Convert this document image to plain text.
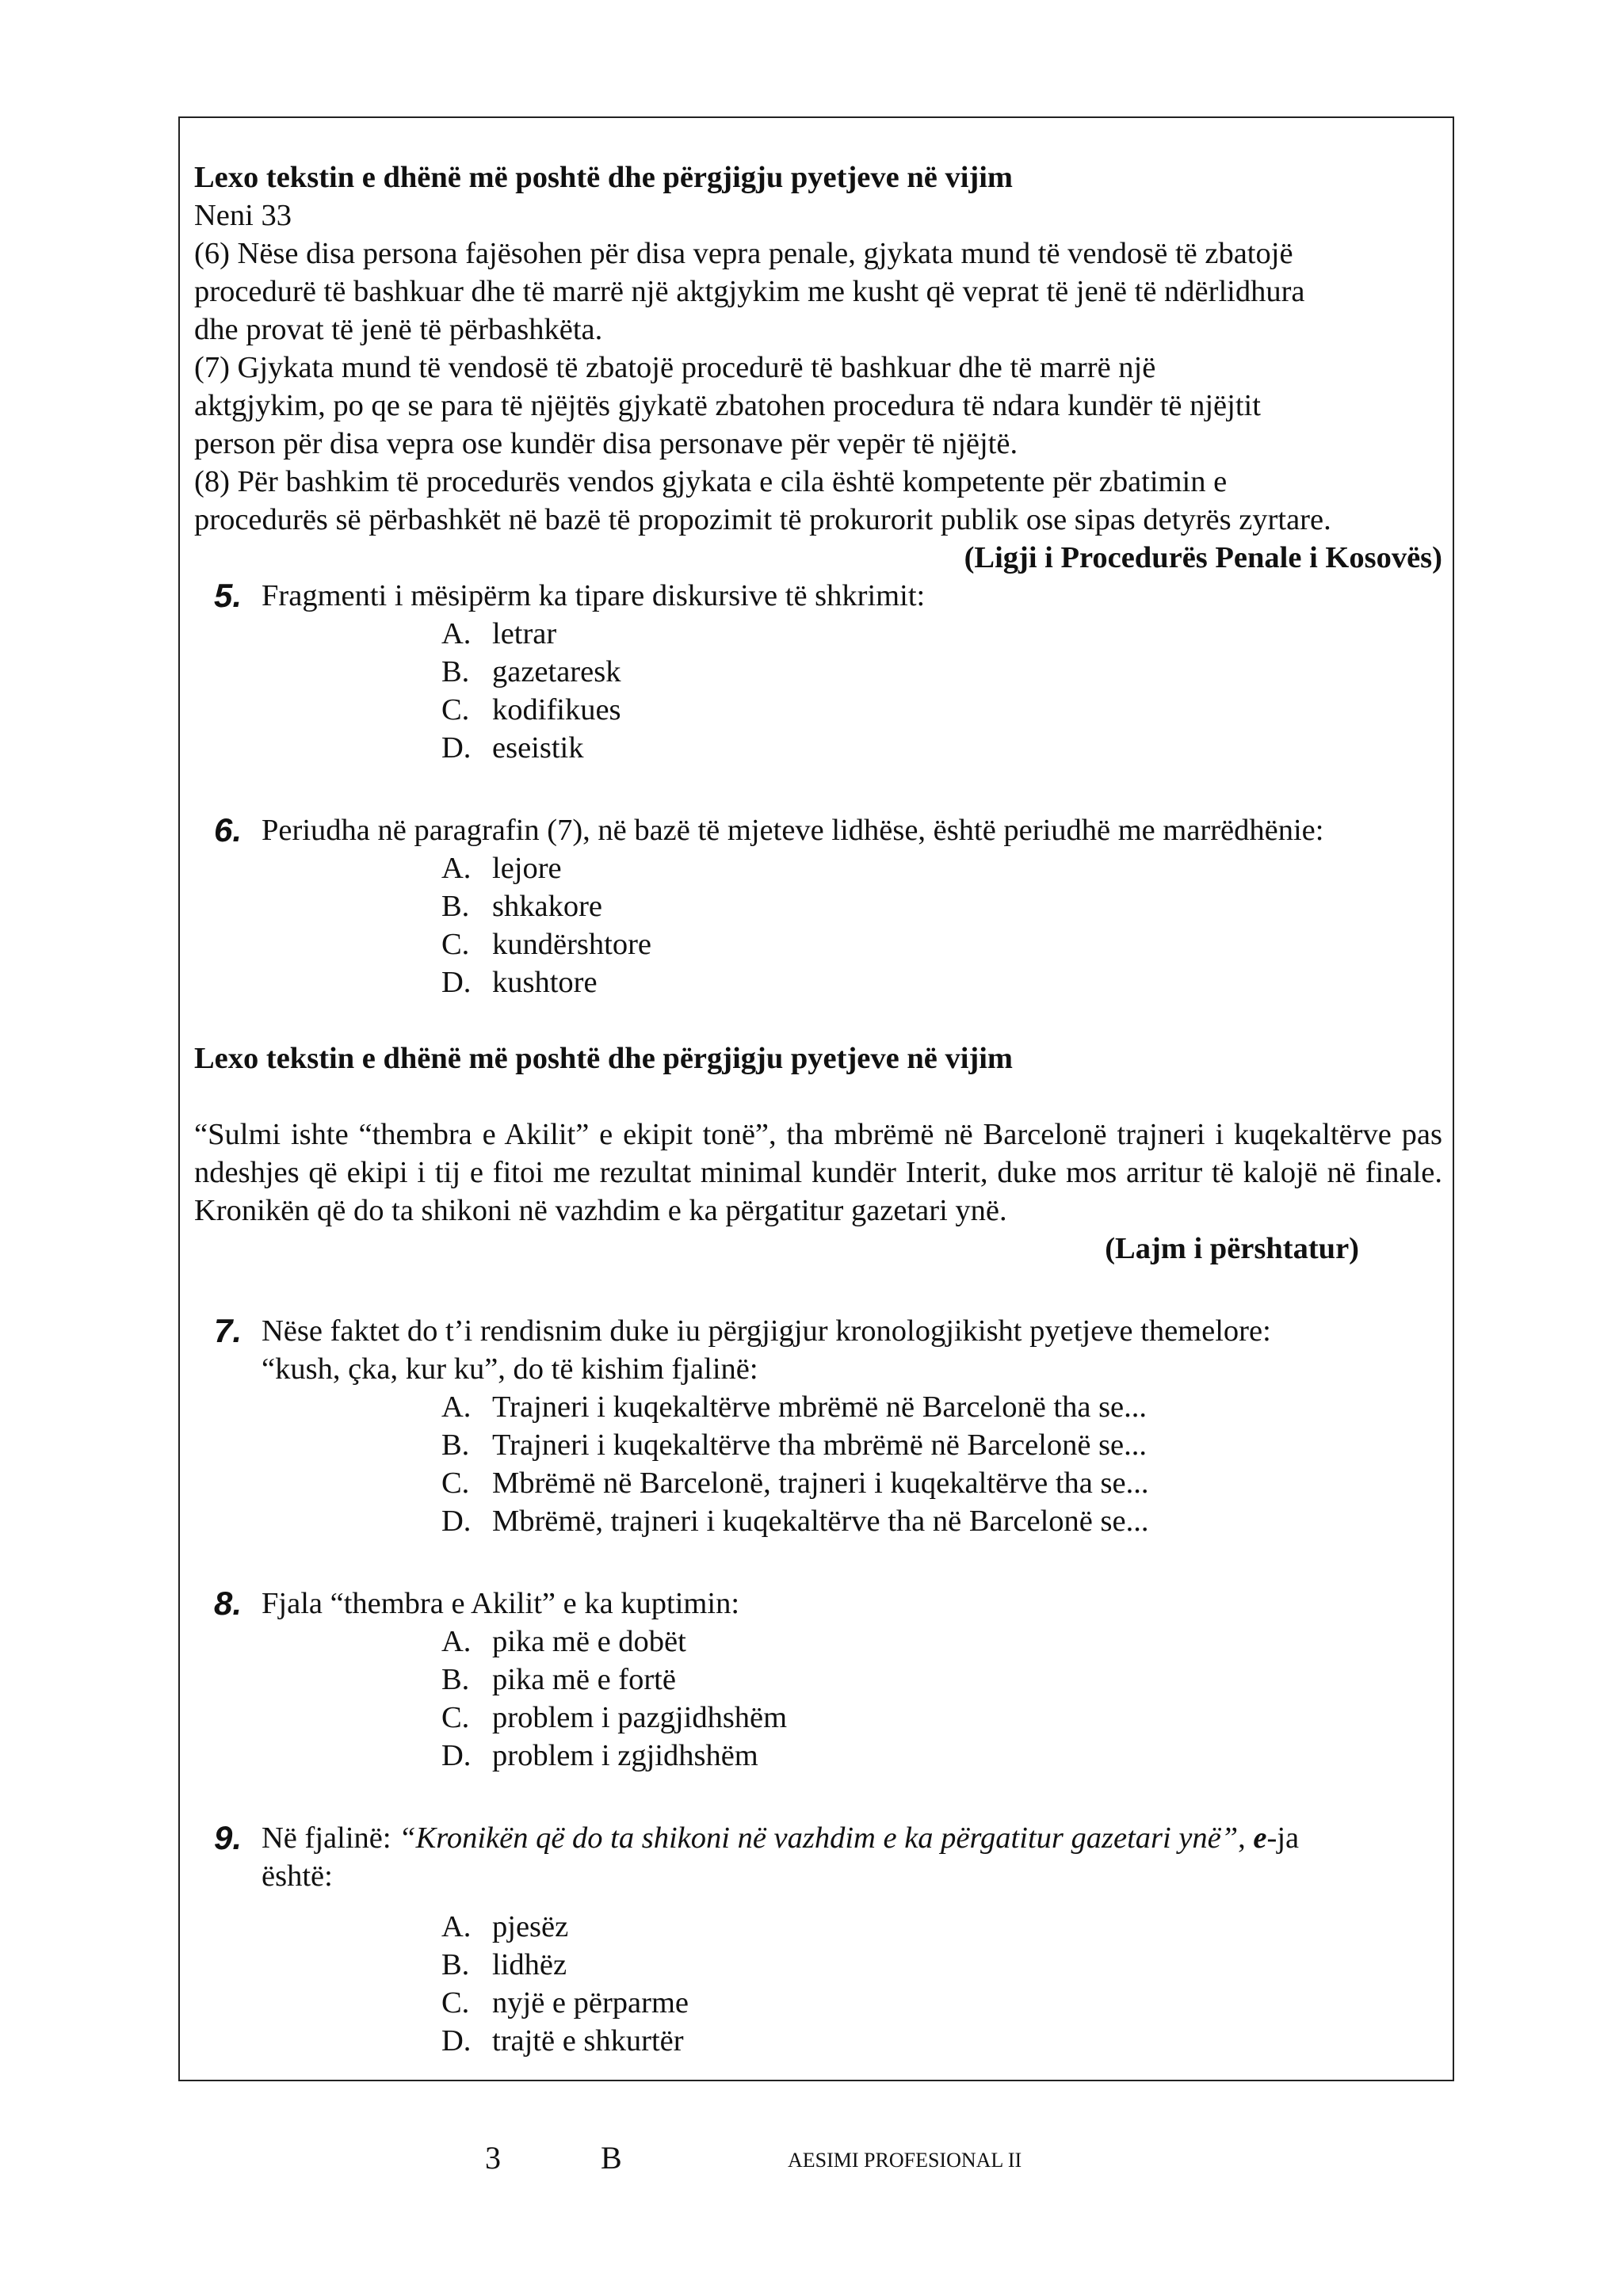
Lexo tekstin e dhënë më poshtë dhe përgjigju pyetjeve në vijim

Neni 33

(6) Nëse disa persona fajësohen për disa vepra penale, gjykata mund të vendosë të zbatojë

procedurë të bashkuar dhe të marrë një aktgjykim me kusht që veprat të jenë të ndërlidhura

dhe provat të jenë të përbashkëta.

(7) Gjykata mund të vendosë të zbatojë procedurë të bashkuar dhe të marrë një

aktgjykim, po qe se para të njëjtës gjykatë zbatohen procedura të ndara kundër të njëjtit

person për disa vepra ose kundër disa personave për vepër të njëjtë.

(8) Për bashkim të procedurës vendos gjykata e cila është kompetente për zbatimin e

procedurës së përbashkët në bazë të propozimit të prokurorit publik ose sipas detyrës zyrtare.

(Ligji i Procedurës Penale i Kosovës)

5. Fragmenti i mësipërm ka tipare diskursive të shkrimit:

A. letrar
B. gazetaresk
C. kodifikues
D. eseistik
6. Periudha në paragrafin (7), në bazë të mjeteve lidhëse, është periudhë me marrëdhënie:

A. lejore
B. shkakore
C. kundërshtore
D. kushtore

Lexo tekstin e dhënë më poshtë dhe përgjigju pyetjeve në vijim

“Sulmi ishte “thembra e Akilit” e ekipit tonë”, tha mbrëmë në Barcelonë trajneri i kuqekaltërve pas ndeshjes që ekipi i tij e fitoi me rezultat minimal kundër Interit, duke mos arritur të kalojë në finale. Kronikën që do ta shikoni në vazhdim e ka përgatitur gazetari ynë.

(Lajm i përshtatur)

7. Nëse faktet do t’i rendisnim duke iu përgjigjur kronologjikisht pyetjeve themelore:

“kush, çka, kur ku”, do të kishim fjalinë:

A. Trajneri i kuqekaltërve mbrëmë në Barcelonë tha se...
B. Trajneri i kuqekaltërve tha mbrëmë në Barcelonë se...
C. Mbrëmë në Barcelonë, trajneri i kuqekaltërve tha se...
D. Mbrëmë, trajneri i kuqekaltërve tha në Barcelonë se...
8. Fjala “thembra e Akilit” e ka kuptimin:

A. pika më e dobët
B. pika më e fortë
C. problem i pazgjidhshëm
D. problem i zgjidhshëm
9. Në fjalinë: “Kronikën që do ta shikoni në vazhdim e ka përgatitur gazetari ynë”, e-ja

është:

A. pjesëz
B. lidhëz
C. nyjë e përparme
D. trajtë e shkurtër
3	B	AESIMI PROFESIONAL II
